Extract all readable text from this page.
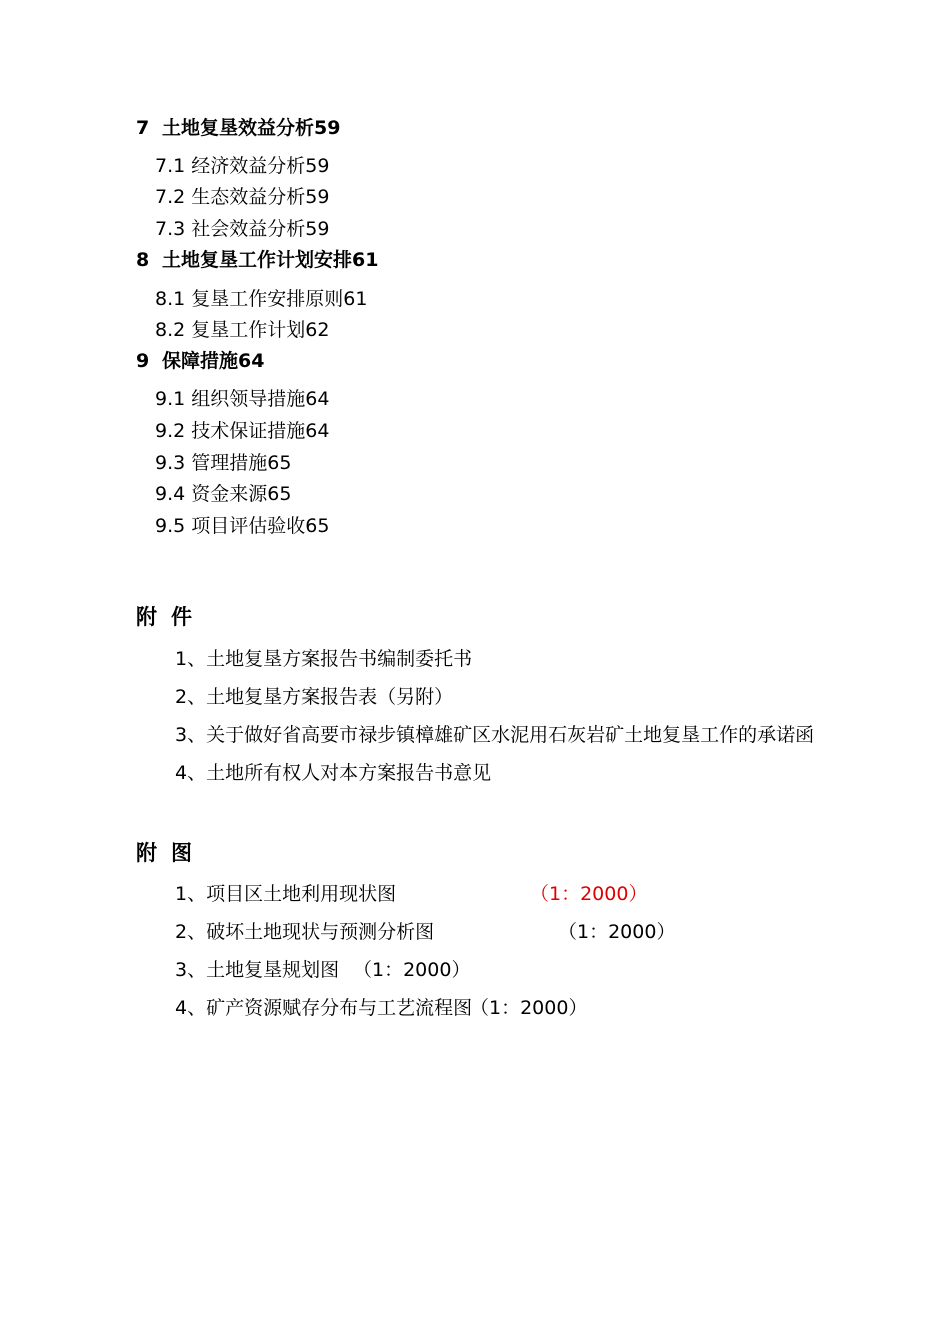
7 土地复垦效益分析59
7.1 经济效益分析59
7.2 生态效益分析59
7.3 社会效益分析59
8 土地复垦工作计划安排61
8.1 复垦工作安排原则61
8.2 复垦工作计划62
9 保障措施64
9.1 组织领导措施64
9.2 技术保证措施64
9.3 管理措施65
9.4 资金来源65
9.5 项目评估验收65
附件
1、土地复垦方案报告书编制委托书
2、土地复垦方案报告表（另附）
3、关于做好省高要市禄步镇樟雄矿区水泥用石灰岩矿土地复垦工作的承诺函
4、土地所有权人对本方案报告书意见
附图
1、项目区土地利用现状图	（1：2000）
2、破坏土地现状与预测分析图	（1：2000）
3、土地复垦规划图 （1：2000）
4、矿产资源赋存分布与工艺流程图
（1：2000）
